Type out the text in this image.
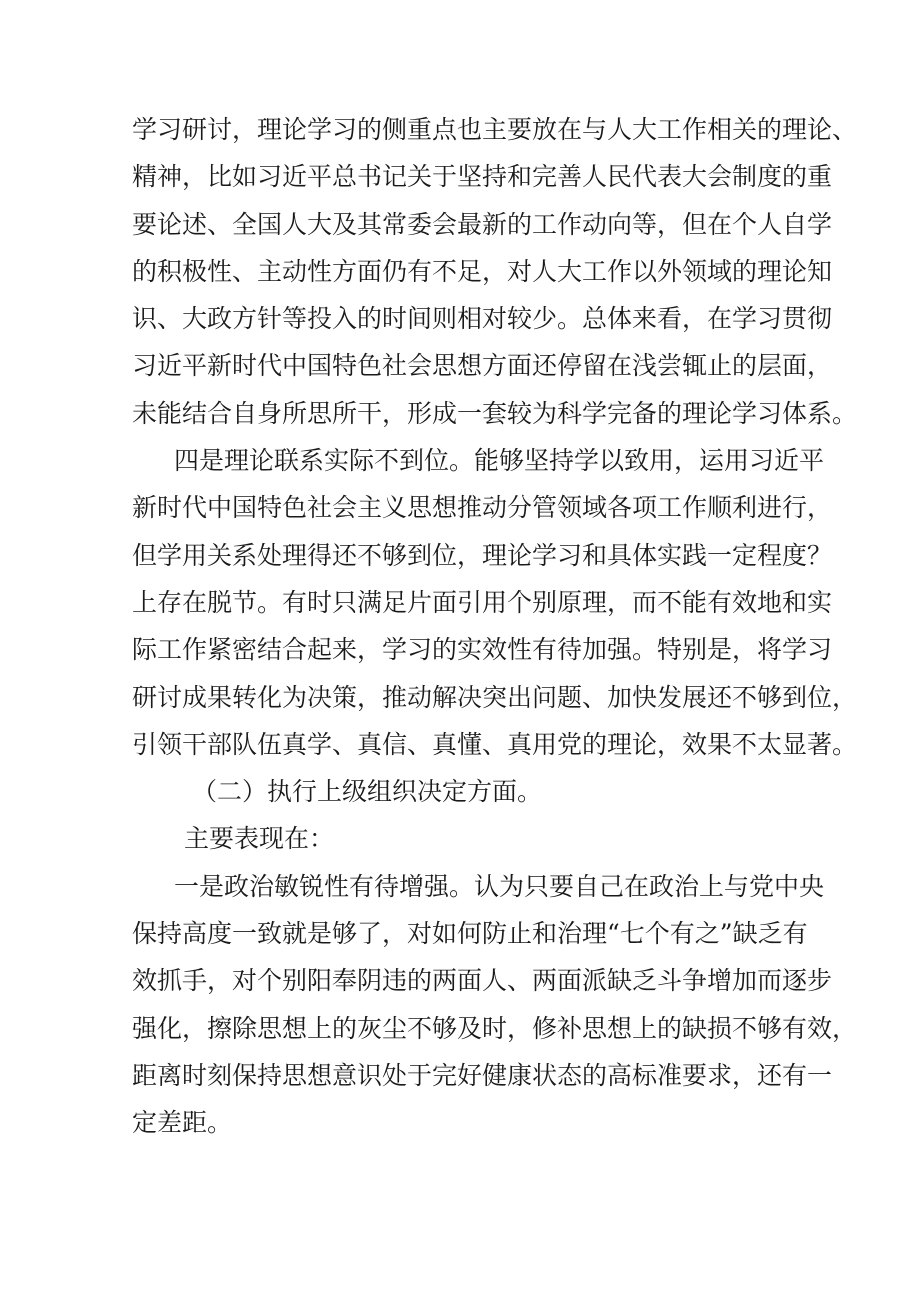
学习研讨，理论学习的侧重点也主要放在与人大工作相关的理论、
精神，比如习近平总书记关于坚持和完善人民代表大会制度的重
要论述、全国人大及其常委会最新的工作动向等，但在个人自学
的积极性、主动性方面仍有不足，对人大工作以外领域的理论知
识、大政方针等投入的时间则相对较少。总体来看，在学习贯彻
习近平新时代中国特色社会思想方面还停留在浅尝辄止的层面，
未能结合自身所思所干，形成一套较为科学完备的理论学习体系。
四是理论联系实际不到位。能够坚持学以致用，运用习近平
新时代中国特色社会主义思想推动分管领域各项工作顺利进行，
但学用关系处理得还不够到位，理论学习和具体实践一定程度？
上存在脱节。有时只满足片面引用个别原理，而不能有效地和实
际工作紧密结合起来，学习的实效性有待加强。特别是，将学习
研讨成果转化为决策，推动解决突出问题、加快发展还不够到位，
引领干部队伍真学、真信、真懂、真用党的理论，效果不太显著。
（二）执行上级组织决定方面。
主要表现在：
一是政治敏锐性有待增强。认为只要自己在政治上与党中央
保持高度一致就是够了，对如何防止和治理“七个有之”缺乏有
效抓手，对个别阳奉阴违的两面人、两面派缺乏斗争增加而逐步
强化，擦除思想上的灰尘不够及时，修补思想上的缺损不够有效，
距离时刻保持思想意识处于完好健康状态的高标准要求，还有一
定差距。
